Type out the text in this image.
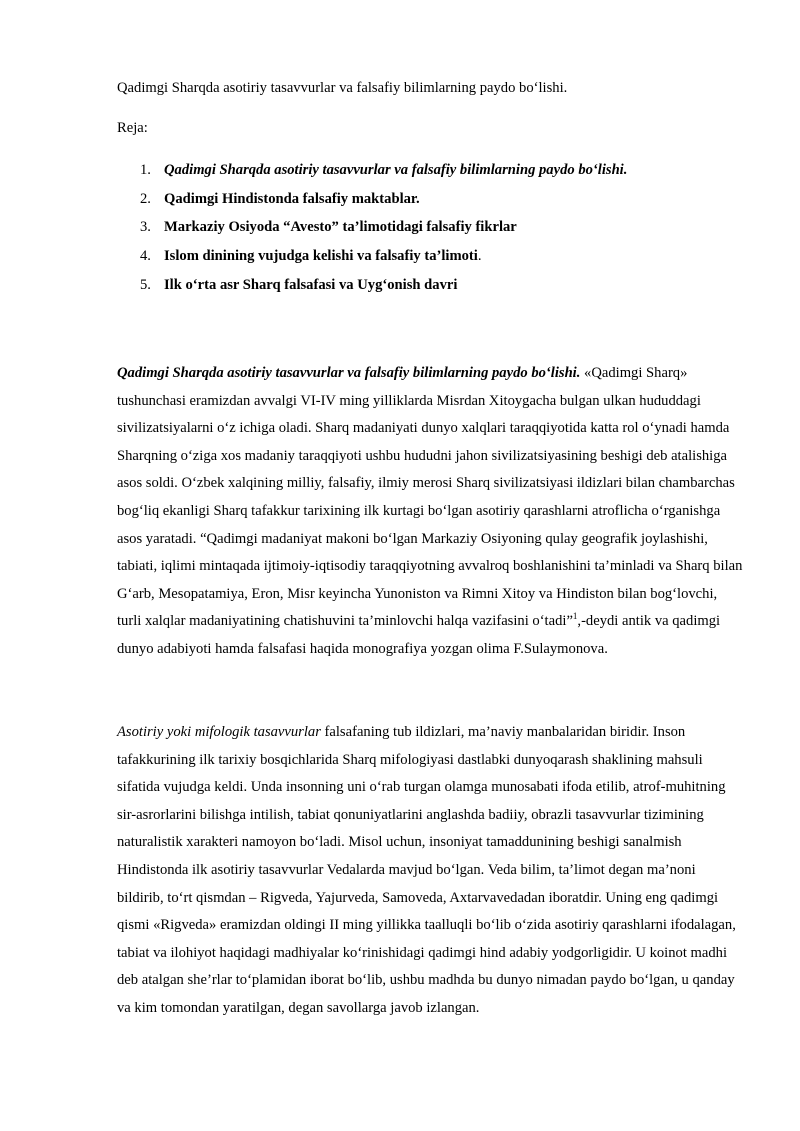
Qadimgi Sharqda asotiriy tasavvurlar va falsafiy bilimlarning paydo bo‘lishi.

Reja:

1. Qadimgi Sharqda asotiriy tasavvurlar va falsafiy bilimlarning paydo bo‘lishi.
2. Qadimgi Hindistonda falsafiy maktablar.
3. Markaziy Osiyoda “Avesto” ta’limotidagi falsafiy fikrlar
4. Islom dinining vujudga kelishi va falsafiy ta’limoti.
5. Ilk o‘rta asr Sharq falsafasi va Uyg‘onish davri

Qadimgi Sharqda asotiriy tasavvurlar va falsafiy bilimlarning paydo bo‘lishi. «Qadimgi Sharq» tushunchasi eramizdan avvalgi VI-IV ming yilliklarda Misrdan Xitoygacha bulgan ulkan hududdagi sivilizatsiyalarni o‘z ichiga oladi. Sharq madaniyati dunyo xalqlari taraqqiyotida katta rol o‘ynadi hamda Sharqning o‘ziga xos madaniy taraqqiyoti ushbu hududni jahon sivilizatsiyasining beshigi deb atalishiga asos soldi. O‘zbek xalqining milliy, falsafiy, ilmiy merosi Sharq sivilizatsiyasi ildizlari bilan chambarchas bog‘liq ekanligi Sharq tafakkur tarixining ilk kurtagi bo‘lgan asotiriy qarashlarni atroflicha o‘rganishga asos yaratadi. “Qadimgi madaniyat makoni bo‘lgan Markaziy Osiyoning qulay geografik joylashishi, tabiati, iqlimi mintaqada ijtimoiy-iqtisodiy taraqqiyotning avvalroq boshlanishini ta’minladi va Sharq bilan G‘arb, Mesopatamiya, Eron, Misr keyincha Yunoniston va Rimni Xitoy va Hindiston bilan bog‘lovchi, turli xalqlar madaniyatining chatishuvini ta’minlovchi halqa vazifasini o‘tadi”$^1$,-deydi antik va qadimgi dunyo adabiyoti hamda falsafasi haqida monografiya yozgan olima F.Sulaymonova.

Asotiriy yoki mifologik tasavvurlar falsafaning tub ildizlari, ma’naviy manbalaridan biridir. Inson tafakkurining ilk tarixiy bosqichlarida Sharq mifologiyasi dastlabki dunyoqarash shaklining mahsuli sifatida vujudga keldi. Unda insonning uni o‘rab turgan olamga munosabati ifoda etilib, atrof-muhitning sir-asrorlarini bilishga intilish, tabiat qonuniyatlarini anglashda badiiy, obrazli tasavvurlar tizimining naturalistik xarakteri namoyon bo‘ladi. Misol uchun, insoniyat tamaddunining beshigi sanalmish Hindistonda ilk asotiriy tasavvurlar Vedalarda mavjud bo‘lgan. Veda bilim, ta’limot degan ma’noni bildirib, to‘rt qismdan – Rigveda, Yajurveda, Samoveda, Axtarvavedadan iboratdir. Uning eng qadimgi qismi «Rigveda» eramizdan oldingi II ming yillikka taalluqli bo‘lib o‘zida asotiriy qarashlarni ifodalagan, tabiat va ilohiyot haqidagi madhiyalar ko‘rinishidagi qadimgi hind adabiy yodgorligidir. U koinot madhi deb atalgan she’rlar to‘plamidan iborat bo‘lib, ushbu madhda bu dunyo nimadan paydo bo‘lgan, u qanday va kim tomondan yaratilgan, degan savollarga javob izlangan.
